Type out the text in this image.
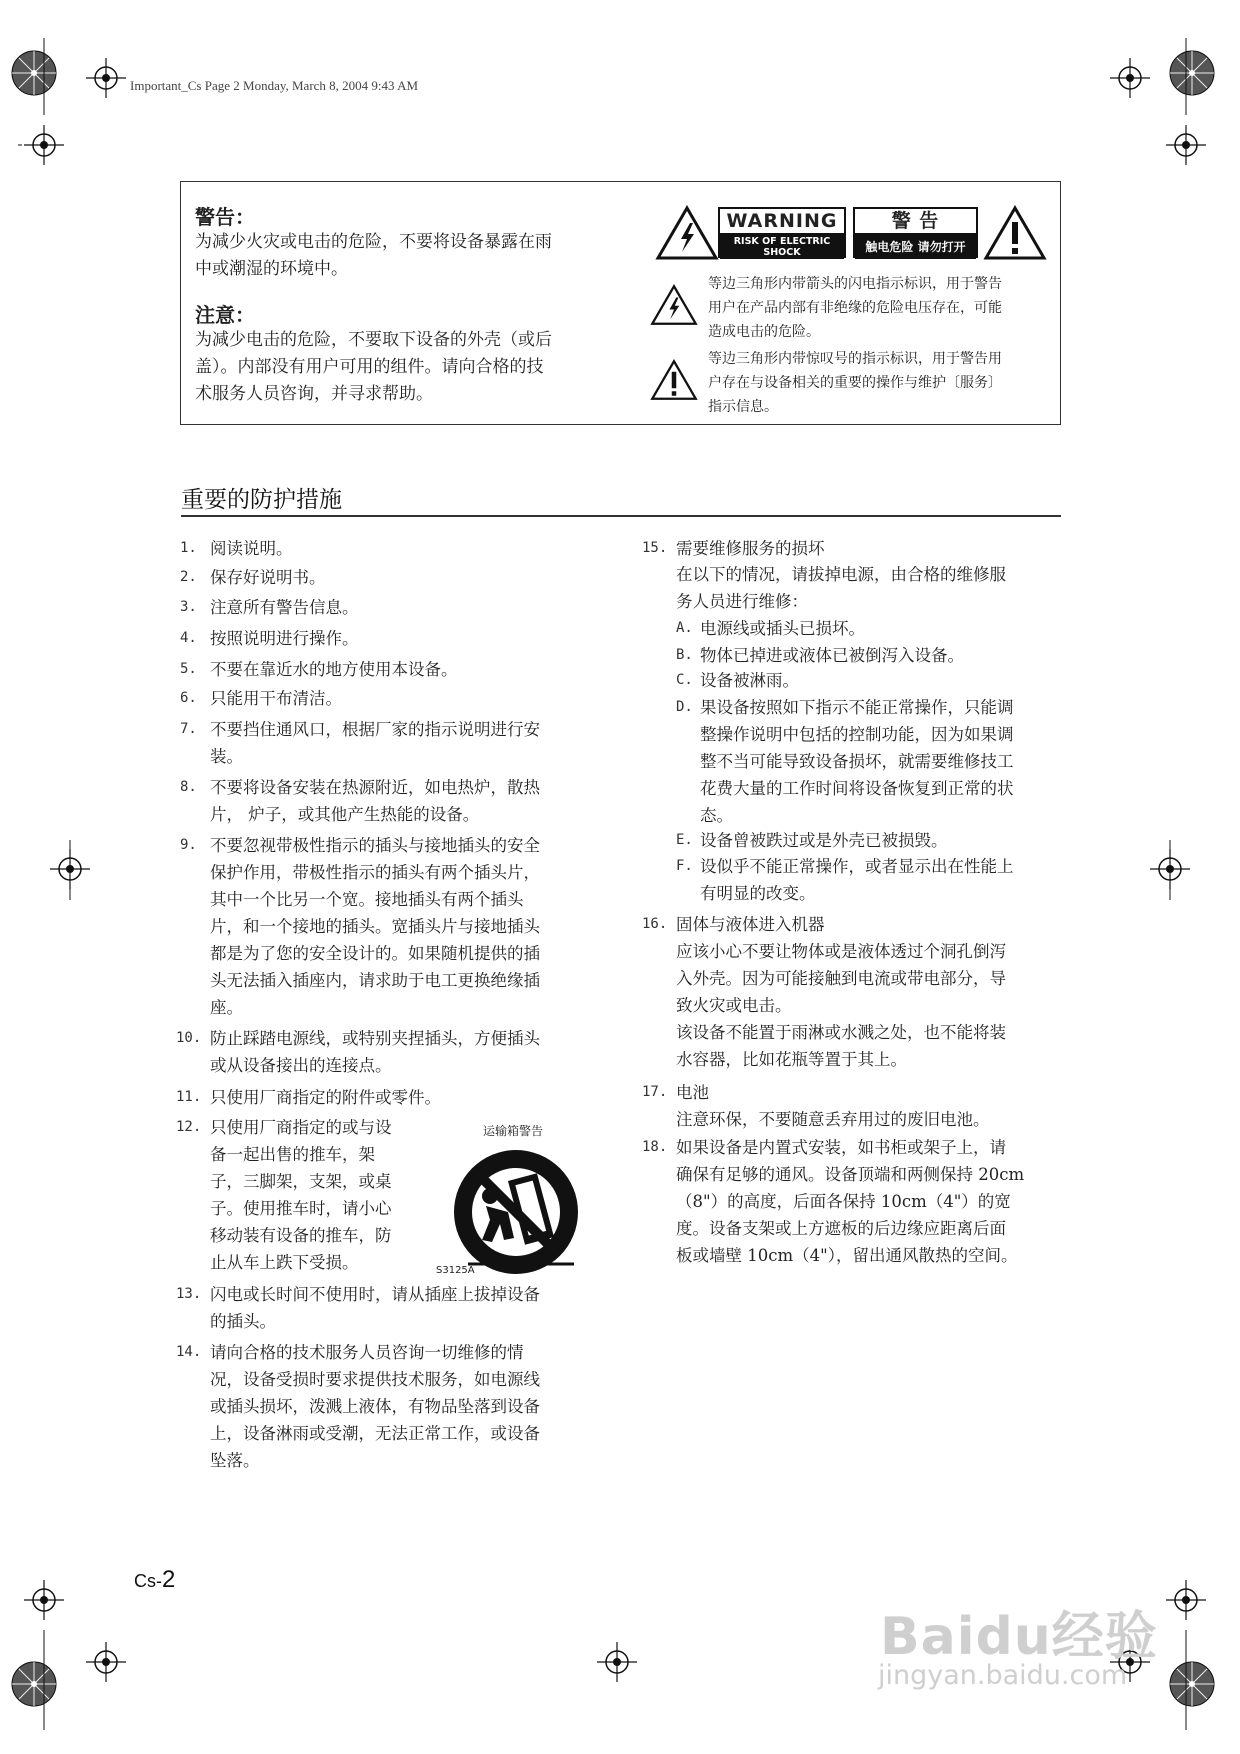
Important_Cs Page 2 Monday, March 8, 2004 9:43 AM
警告：
为减少火灾或电击的危险，不要将设备暴露在雨
中或潮湿的环境中。
注意：
为减少电击的危险，不要取下设备的外壳（或后
盖）。内部没有用户可用的组件。请向合格的技
术服务人员咨询，并寻求帮助。
WARNING
RISK OF ELECTRIC SHOCK
DO NOT OPEN
警 告
触电危险 请勿打开
等边三角形内带箭头的闪电指示标识，用于警告
用户在产品内部有非绝缘的危险电压存在，可能
造成电击的危险。
等边三角形内带惊叹号的指示标识，用于警告用
户存在与设备相关的重要的操作与维护〔服务〕
指示信息。
重要的防护措施
1. 阅读说明。
2. 保存好说明书。
3. 注意所有警告信息。
4. 按照说明进行操作。
5. 不要在靠近水的地方使用本设备。
6. 只能用干布清洁。
7. 不要挡住通风口，根据厂家的指示说明进行安
装。
8. 不要将设备安装在热源附近，如电热炉，散热
片， 炉子，或其他产生热能的设备。
9. 不要忽视带极性指示的插头与接地插头的安全
保护作用，带极性指示的插头有两个插头片，
其中一个比另一个宽。接地插头有两个插头
片，和一个接地的插头。宽插头片与接地插头
都是为了您的安全设计的。如果随机提供的插
头无法插入插座内，请求助于电工更换绝缘插
座。
10. 防止踩踏电源线，或特别夹捏插头，方便插头
或从设备接出的连接点。
11. 只使用厂商指定的附件或零件。
12. 只使用厂商指定的或与设
备一起出售的推车，架
子，三脚架，支架，或桌
子。使用推车时，请小心
移动装有设备的推车，防
止从车上跌下受损。
13. 闪电或长时间不使用时，请从插座上拔掉设备
的插头。
14. 请向合格的技术服务人员咨询一切维修的情
况，设备受损时要求提供技术服务，如电源线
或插头损坏，泼溅上液体，有物品坠落到设备
上，设备淋雨或受潮，无法正常工作，或设备
坠落。
运输箱警告
S3125A
15. 需要维修服务的损坏
在以下的情况，请拔掉电源，由合格的维修服
务人员进行维修：
A. 电源线或插头已损坏。
B. 物体已掉进或液体已被倒泻入设备。
C. 设备被淋雨。
D. 果设备按照如下指示不能正常操作，只能调
整操作说明中包括的控制功能，因为如果调
整不当可能导致设备损坏，就需要维修技工
花费大量的工作时间将设备恢复到正常的状
态。
E. 设备曾被跌过或是外壳已被损毁。
F. 设似乎不能正常操作，或者显示出在性能上
有明显的改变。
16. 固体与液体进入机器
应该小心不要让物体或是液体透过个洞孔倒泻
入外壳。因为可能接触到电流或带电部分，导
致火灾或电击。
该设备不能置于雨淋或水溅之处，也不能将装
水容器，比如花瓶等置于其上。
17. 电池
注意环保，不要随意丢弃用过的废旧电池。
18. 如果设备是内置式安装，如书柜或架子上，请
确保有足够的通风。设备顶端和两侧保持 20cm
（8"）的高度，后面各保持 10cm（4"）的宽
度。设备支架或上方遮板的后边缘应距离后面
板或墙壁 10cm（4"），留出通风散热的空间。
Cs-2
Baidu经验
jingyan.baidu.com
